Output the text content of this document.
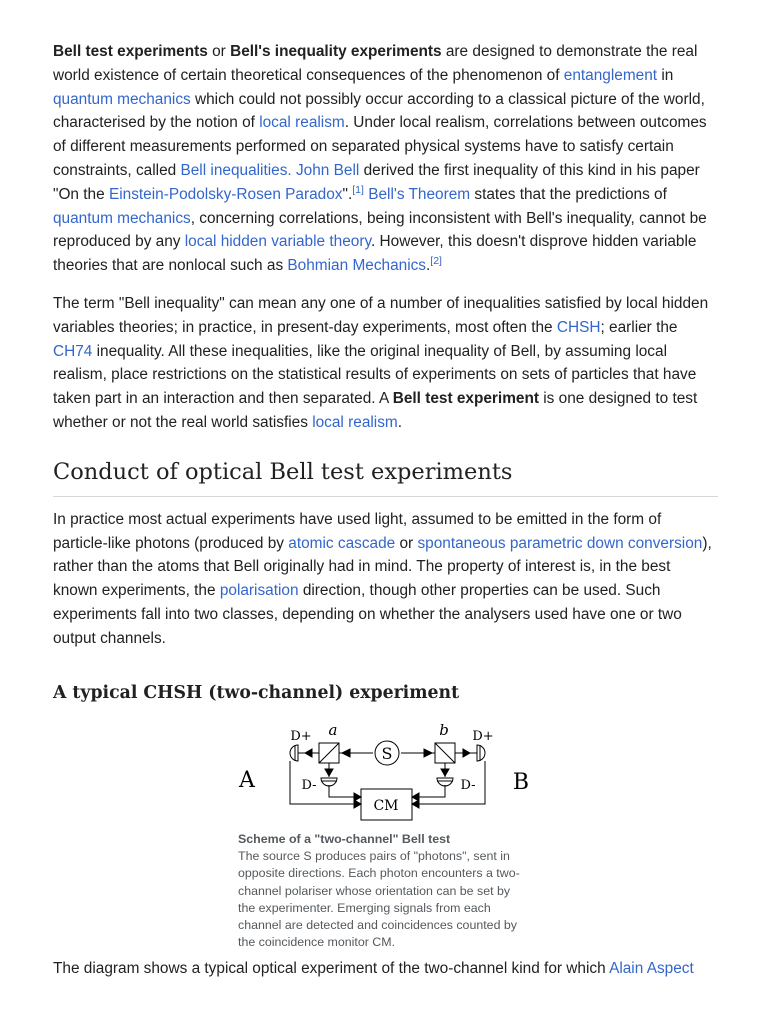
Bell test experiments or Bell's inequality experiments are designed to demonstrate the real world existence of certain theoretical consequences of the phenomenon of entanglement in quantum mechanics which could not possibly occur according to a classical picture of the world, characterised by the notion of local realism. Under local realism, correlations between outcomes of different measurements performed on separated physical systems have to satisfy certain constraints, called Bell inequalities. John Bell derived the first inequality of this kind in his paper "On the Einstein-Podolsky-Rosen Paradox".[1] Bell's Theorem states that the predictions of quantum mechanics, concerning correlations, being inconsistent with Bell's inequality, cannot be reproduced by any local hidden variable theory. However, this doesn't disprove hidden variable theories that are nonlocal such as Bohmian Mechanics.[2]

The term "Bell inequality" can mean any one of a number of inequalities satisfied by local hidden variables theories; in practice, in present-day experiments, most often the CHSH; earlier the CH74 inequality. All these inequalities, like the original inequality of Bell, by assuming local realism, place restrictions on the statistical results of experiments on sets of particles that have taken part in an interaction and then separated. A Bell test experiment is one designed to test whether or not the real world satisfies local realism.

Conduct of optical Bell test experiments

In practice most actual experiments have used light, assumed to be emitted in the form of particle-like photons (produced by atomic cascade or spontaneous parametric down conversion), rather than the atoms that Bell originally had in mind. The property of interest is, in the best known experiments, the polarisation direction, though other properties can be used. Such experiments fall into two classes, depending on whether the analysers used have one or two output channels.

A typical CHSH (two-channel) experiment
S
a	b
D+	D+
D-	D-
CM
A	B
Scheme of a "two-channel" Bell test
The source S produces pairs of "photons", sent in opposite directions. Each photon encounters a two-channel polariser whose orientation can be set by the experimenter. Emerging signals from each channel are detected and coincidences counted by the coincidence monitor CM.

The diagram shows a typical optical experiment of the two-channel kind for which Alain Aspect
